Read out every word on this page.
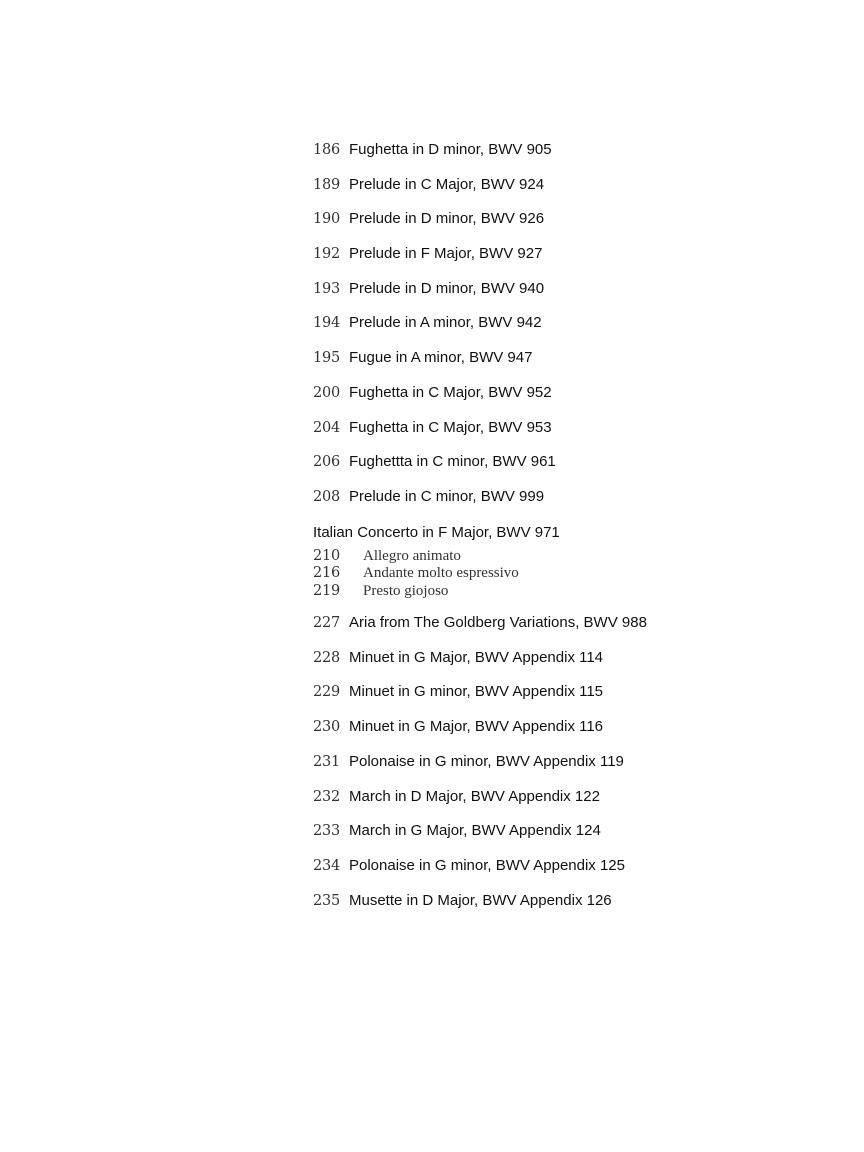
186 Fughetta in D minor, BWV 905
189 Prelude in C Major, BWV 924
190 Prelude in D minor, BWV 926
192 Prelude in F Major, BWV 927
193 Prelude in D minor, BWV 940
194 Prelude in A minor, BWV 942
195 Fugue in A minor, BWV 947
200 Fughetta in C Major, BWV 952
204 Fughetta in C Major, BWV 953
206 Fughettta in C minor, BWV 961
208 Prelude in C minor, BWV 999
Italian Concerto in F Major, BWV 971
210	Allegro animato
216	Andante molto espressivo
219	Presto giojoso
227 Aria from The Goldberg Variations, BWV 988
228 Minuet in G Major, BWV Appendix 114
229 Minuet in G minor, BWV Appendix 115
230 Minuet in G Major, BWV Appendix 116
231 Polonaise in G minor, BWV Appendix 119
232 March in D Major, BWV Appendix 122
233 March in G Major, BWV Appendix 124
234 Polonaise in G minor, BWV Appendix 125
235 Musette in D Major, BWV Appendix 126
